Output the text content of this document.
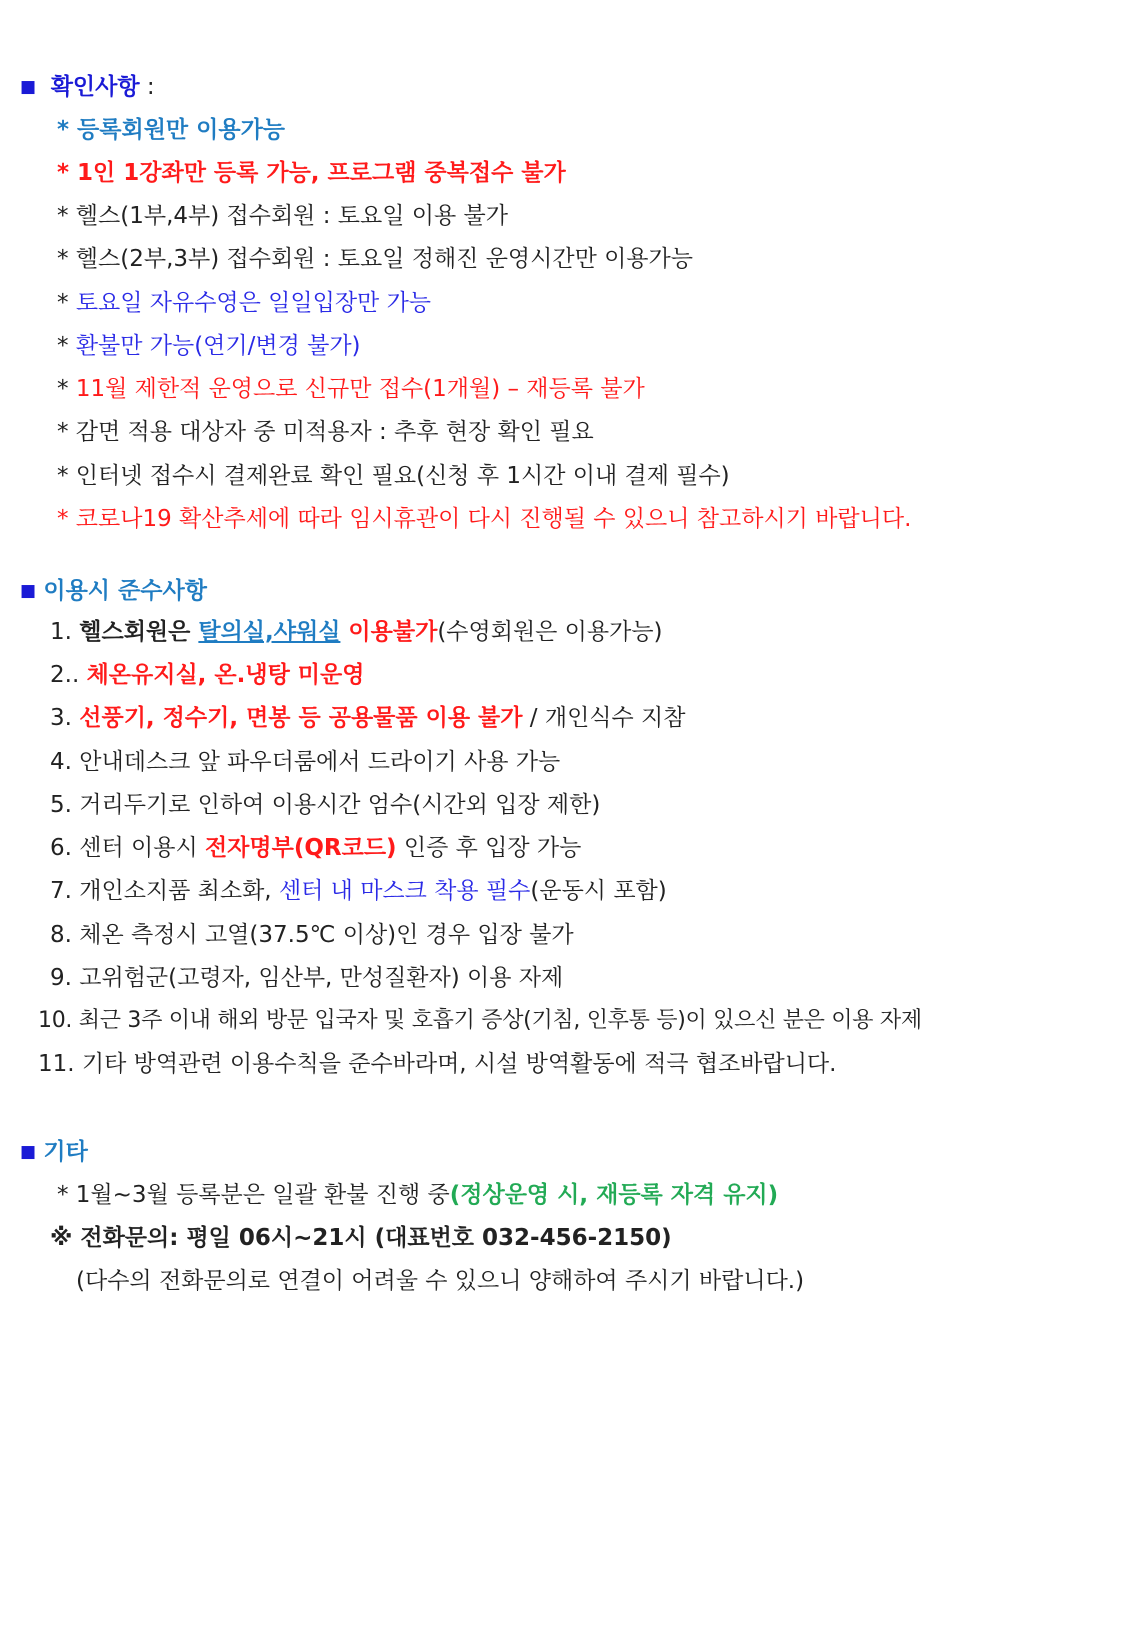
■ 확인사항 :
* 등록회원만 이용가능
* 1인 1강좌만 등록 가능, 프로그램 중복접수 불가
* 헬스(1부,4부) 접수회원 : 토요일 이용 불가
* 헬스(2부,3부) 접수회원 : 토요일 정해진 운영시간만 이용가능
* 토요일 자유수영은 일일입장만 가능
* 환불만 가능(연기/변경 불가)
* 11월 제한적 운영으로 신규만 접수(1개월) – 재등록 불가
* 감면 적용 대상자 중 미적용자 : 추후 현장 확인 필요
* 인터넷 접수시 결제완료 확인 필요(신청 후 1시간 이내 결제 필수)
* 코로나19 확산추세에 따라 임시휴관이 다시 진행될 수 있으니 참고하시기 바랍니다.
■ 이용시 준수사항
1. 헬스회원은 탈의실,샤워실 이용불가(수영회원은 이용가능)
2.. 체온유지실, 온.냉탕 미운영
3. 선풍기, 정수기, 면봉 등 공용물품 이용 불가 / 개인식수 지참
4. 안내데스크 앞 파우더룸에서 드라이기 사용 가능
5. 거리두기로 인하여 이용시간 엄수(시간외 입장 제한)
6. 센터 이용시 전자명부(QR코드) 인증 후 입장 가능
7. 개인소지품 최소화, 센터 내 마스크 착용 필수(운동시 포함)
8. 체온 측정시 고열(37.5℃ 이상)인 경우 입장 불가
9. 고위험군(고령자, 임산부, 만성질환자) 이용 자제
10. 최근 3주 이내 해외 방문 입국자 및 호흡기 증상(기침, 인후통 등)이 있으신 분은 이용 자제
11. 기타 방역관련 이용수칙을 준수바라며, 시설 방역활동에 적극 협조바랍니다.
■ 기타
* 1월~3월 등록분은 일괄 환불 진행 중(정상운영 시, 재등록 자격 유지)
※ 전화문의: 평일 06시~21시 (대표번호 032-456-2150)
(다수의 전화문의로 연결이 어려울 수 있으니 양해하여 주시기 바랍니다.)
